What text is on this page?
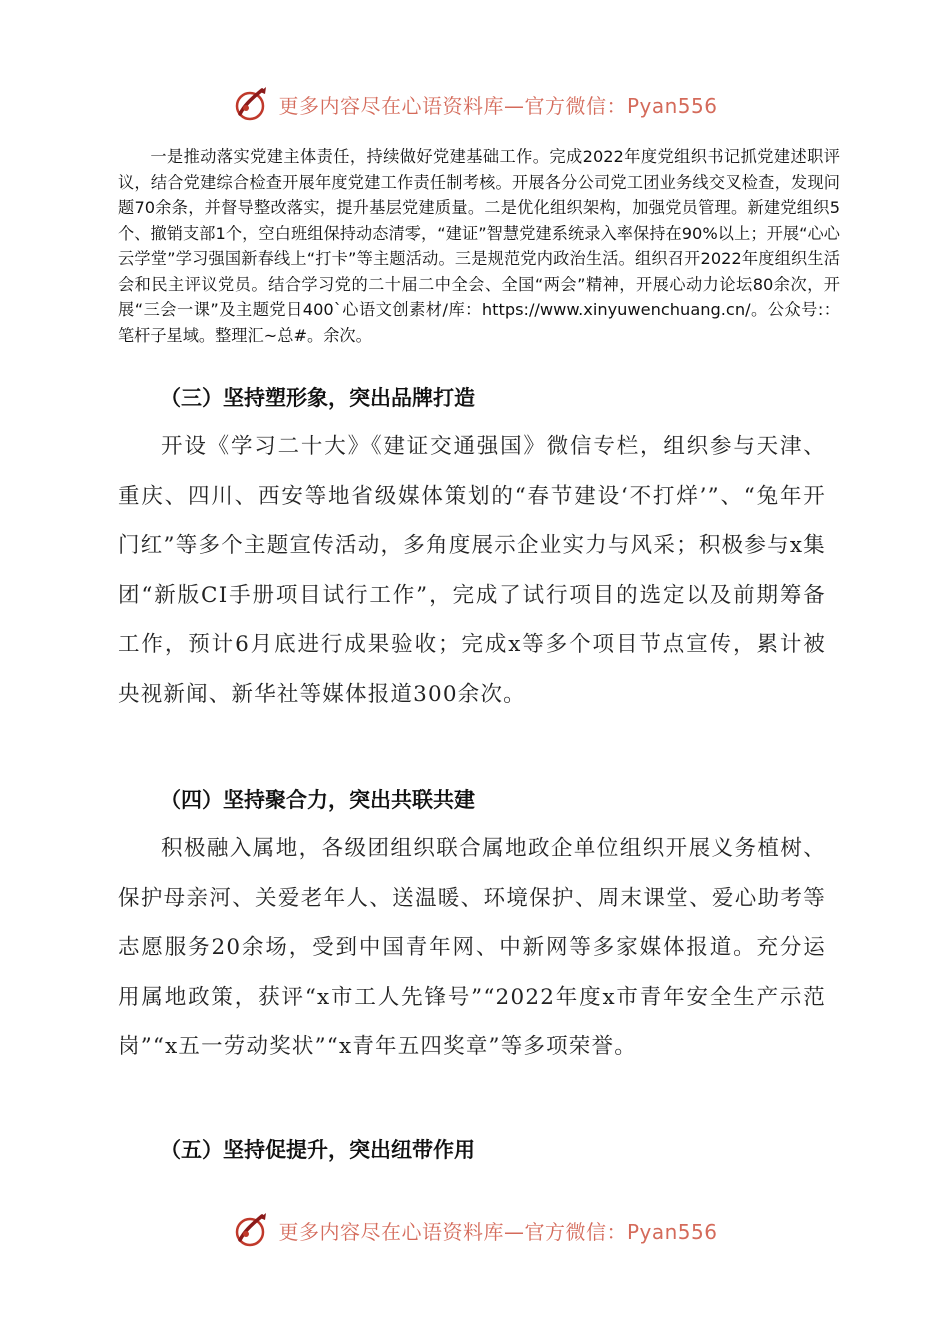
更多内容尽在心语资料库—官方微信：Pyan556

一是推动落实党建主体责任，持续做好党建基础工作。完成2022年度党组织书记抓党建述职评议，结合党建综合检查开展年度党建工作责任制考核。开展各分公司党工团业务线交叉检查，发现问题70余条，并督导整改落实，提升基层党建质量。二是优化组织架构，加强党员管理。新建党组织5个、撤销支部1个，空白班组保持动态清零，“建证”智慧党建系统录入率保持在90%以上；开展“心心云学堂”学习强国新春线上“打卡”等主题活动。三是规范党内政治生活。组织召开2022年度组织生活会和民主评议党员。结合学习党的二十届二中全会、全国“两会”精神，开展心动力论坛80余次，开展“三会一课”及主题党日400`心语文创素材/库：https://www.xinyuwenchuang.cn/。公众号:：笔杆子星域。整理汇~总#。余次。

（三）坚持塑形象，突出品牌打造

开设《学习二十大》《建证交通强国》微信专栏，组织参与天津、重庆、四川、西安等地省级媒体策划的“春节建设‘不打烊’”、“兔年开门红”等多个主题宣传活动，多角度展示企业实力与风采；积极参与x集团“新版CI手册项目试行工作”，完成了试行项目的选定以及前期筹备工作，预计6月底进行成果验收；完成x等多个项目节点宣传，累计被央视新闻、新华社等媒体报道300余次。

（四）坚持聚合力，突出共联共建

积极融入属地，各级团组织联合属地政企单位组织开展义务植树、保护母亲河、关爱老年人、送温暖、环境保护、周末课堂、爱心助考等志愿服务20余场，受到中国青年网、中新网等多家媒体报道。充分运用属地政策，获评“x市工人先锋号”“2022年度x市青年安全生产示范岗”“x五一劳动奖状”“x青年五四奖章”等多项荣誉。

（五）坚持促提升，突出纽带作用
更多内容尽在心语资料库—官方微信：Pyan556
